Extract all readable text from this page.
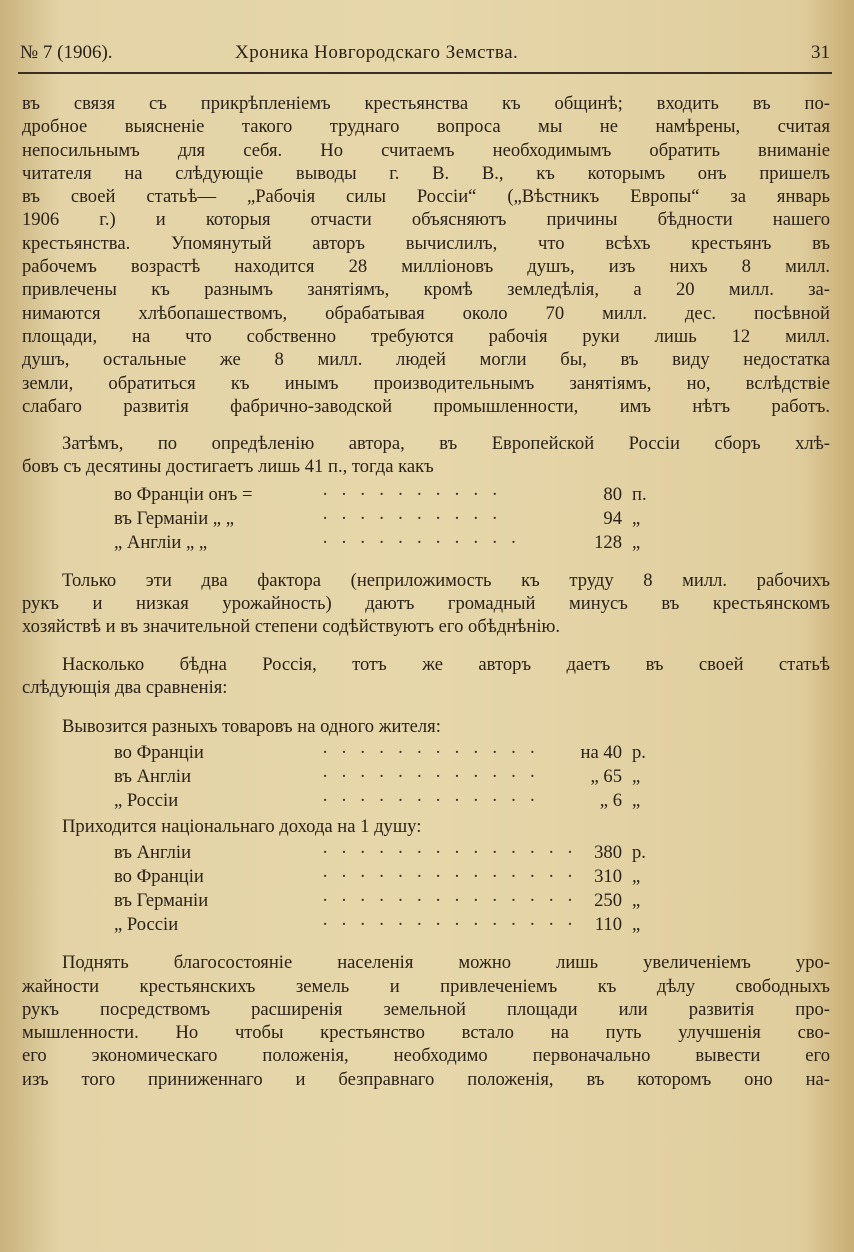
№ 7 (1906).	Хроника Новгородскаго Земства.	31
въ связя съ прикрѣпленіемъ крестьянства къ общинѣ; входить въ по-
дробное выясненіе такого труднаго вопроса мы не намѣрены, считая
непосильнымъ для себя. Но считаемъ необходимымъ обратить вниманіе
читателя на слѣдующіе выводы г. В. В., къ которымъ онъ пришелъ
въ своей статьѣ— „Рабочія силы Россіи“ („Вѣстникъ Европы“ за январь
1906 г.) и которыя отчасти объясняютъ причины бѣдности нашего
крестьянства. Упомянутый авторъ вычислилъ, что всѣхъ крестьянъ въ
рабочемъ возрастѣ находится 28 милліоновъ душъ, изъ нихъ 8 милл.
привлечены къ разнымъ занятіямъ, кромѣ земледѣлія, а 20 милл. за-
нимаются хлѣбопашествомъ, обрабатывая около 70 милл. дес. посѣвной
площади, на что собственно требуются рабочія руки лишь 12 милл.
душъ, остальные же 8 милл. людей могли бы, въ виду недостатка
земли, обратиться къ инымъ производительнымъ занятіямъ, но, вслѣдствіе
слабаго развитія фабрично-заводской промышленности, имъ нѣтъ работъ.
Затѣмъ, по опредѣленію автора, въ Европейской Россіи сборъ хлѣ-
бовъ съ десятины достигаетъ лишь 41 п., тогда какъ
во Франціи онъ =	· · · · · · · · · ·	80 п.
въ Германіи „ „	· · · · · · · · · ·	94 „
„ Англіи „ „	· · · · · · · · · · ·	128 „
Только эти два фактора (неприложимость къ труду 8 милл. рабочихъ
рукъ и низкая урожайность) даютъ громадный минусъ въ крестьянскомъ
хозяйствѣ и въ значительной степени содѣйствуютъ его обѣднѣнію.
Насколько бѣдна Россія, тотъ же авторъ даетъ въ своей статьѣ
слѣдующія два сравненія:
Вывозится разныхъ товаровъ на одного жителя:
во Франціи	· · · · · · · · · · · · на 40 р.
въ Англіи	· · · · · · · · · · · ·	„ 65 „
„ Россіи	· · · · · · · · · · · ·	„ 6 „
Приходится національнаго дохода на 1 душу:
въ Англіи	· · · · · · · · · · · · · · 380 р.
во Франціи	· · · · · · · · · · · · · · 310 „
въ Германіи	· · · · · · · · · · · · · · 250 „
„ Россіи	· · · · · · · · · · · · · · 110 „
Поднять благосостояніе населенія можно лишь увеличеніемъ уро-
жайности крестьянскихъ земель и привлеченіемъ къ дѣлу свободныхъ
рукъ посредствомъ расширенія земельной площади или развитія про-
мышленности. Но чтобы крестьянство встало на путь улучшенія сво-
его экономическаго положенія, необходимо первоначально вывести его
изъ того приниженнаго и безправнаго положенія, въ которомъ оно на-
